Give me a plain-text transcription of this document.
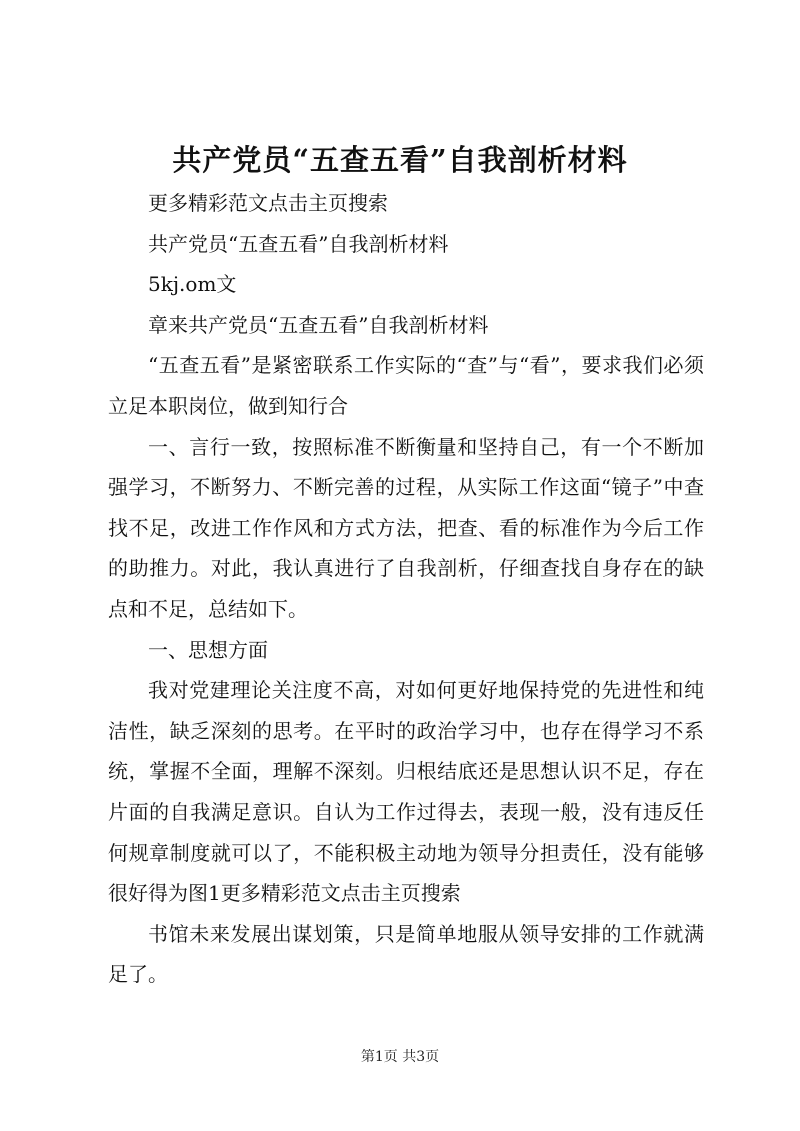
共产党员“五查五看”自我剖析材料

更多精彩范文点击主页搜索

共产党员“五查五看”自我剖析材料

5kj.om文

章来共产党员“五查五看”自我剖析材料

“五查五看”是紧密联系工作实际的“查”与“看”，要求我们必须立足本职岗位，做到知行合

一、言行一致，按照标准不断衡量和坚持自己，有一个不断加强学习，不断努力、不断完善的过程，从实际工作这面“镜子”中查找不足，改进工作作风和方式方法，把查、看的标准作为今后工作的助推力。对此，我认真进行了自我剖析，仔细查找自身存在的缺点和不足，总结如下。

一、思想方面

我对党建理论关注度不高，对如何更好地保持党的先进性和纯洁性，缺乏深刻的思考。在平时的政治学习中，也存在得学习不系统，掌握不全面，理解不深刻。归根结底还是思想认识不足，存在片面的自我满足意识。自认为工作过得去，表现一般，没有违反任何规章制度就可以了，不能积极主动地为领导分担责任，没有能够很好得为图1更多精彩范文点击主页搜索

书馆未来发展出谋划策，只是简单地服从领导安排的工作就满足了。

第1页 共3页
